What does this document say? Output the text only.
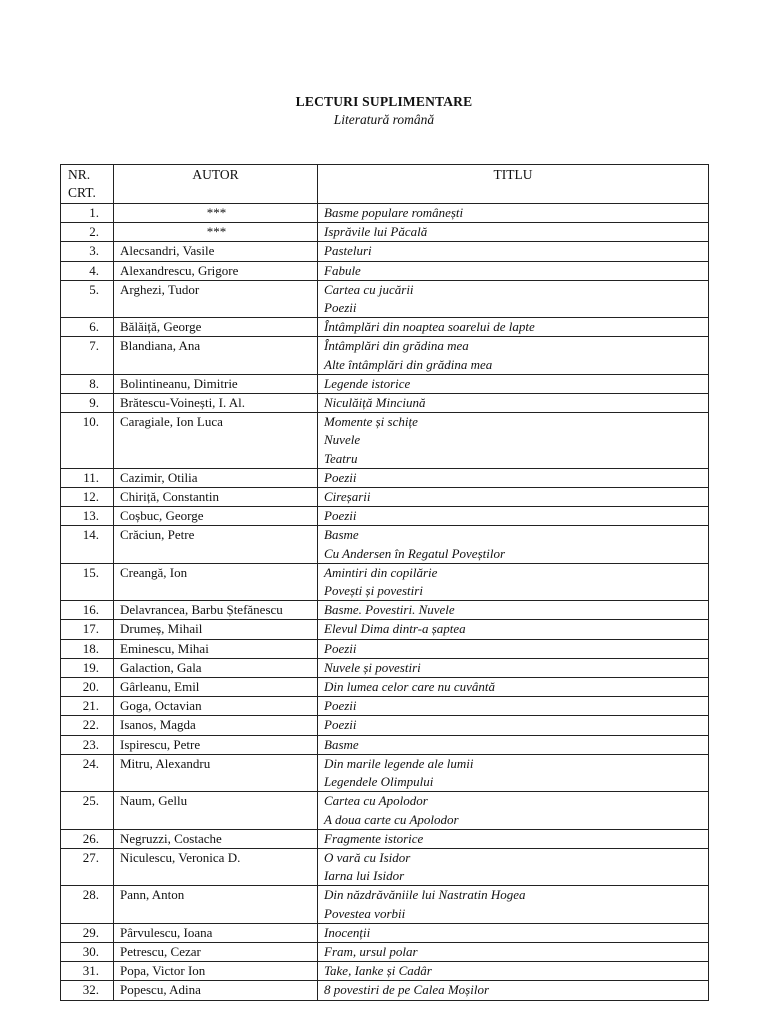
LECTURI SUPLIMENTARE
Literatură română
NR. CRT.	AUTOR	TITLU
1.	***	Basme populare românești

2.	***	Isprăvile lui Păcală

3.	Alecsandri, Vasile	Pasteluri

4.	Alexandrescu, Grigore	Fabule

5.	Arghezi, Tudor	Cartea cu jucării
Poezii

6.	Bălăiță, George	Întâmplări din noaptea soarelui de lapte

7.	Blandiana, Ana	Întâmplări din grădina mea
Alte întâmplări din grădina mea

8.	Bolintineanu, Dimitrie	Legende istorice

9.	Brătescu-Voinești, I. Al.	Niculăiță Minciună

10.	Caragiale, Ion Luca	Momente și schițe
Nuvele
Teatru

11.	Cazimir, Otilia	Poezii

12.	Chiriță, Constantin	Cireșarii

13.	Coșbuc, George	Poezii

14.	Crăciun, Petre	Basme
Cu Andersen în Regatul Poveștilor

15.	Creangă, Ion	Amintiri din copilărie
Povești și povestiri

16.	Delavrancea, Barbu Ștefănescu	Basme. Povestiri. Nuvele

17.	Drumeș, Mihail	Elevul Dima dintr-a șaptea

18.	Eminescu, Mihai	Poezii

19.	Galaction, Gala	Nuvele și povestiri

20.	Gârleanu, Emil	Din lumea celor care nu cuvântă

21.	Goga, Octavian	Poezii

22.	Isanos, Magda	Poezii

23.	Ispirescu, Petre	Basme

24.	Mitru, Alexandru	Din marile legende ale lumii
Legendele Olimpului

25.	Naum, Gellu	Cartea cu Apolodor
A doua carte cu Apolodor

26.	Negruzzi, Costache	Fragmente istorice

27.	Niculescu, Veronica D.	O vară cu Isidor
Iarna lui Isidor

28.	Pann, Anton	Din năzdrăvăniile lui Nastratin Hogea
Povestea vorbii

29.	Pârvulescu, Ioana	Inocenții

30.	Petrescu, Cezar	Fram, ursul polar

31.	Popa, Victor Ion	Take, Ianke și Cadâr

32.	Popescu, Adina	8 povestiri de pe Calea Moșilor
